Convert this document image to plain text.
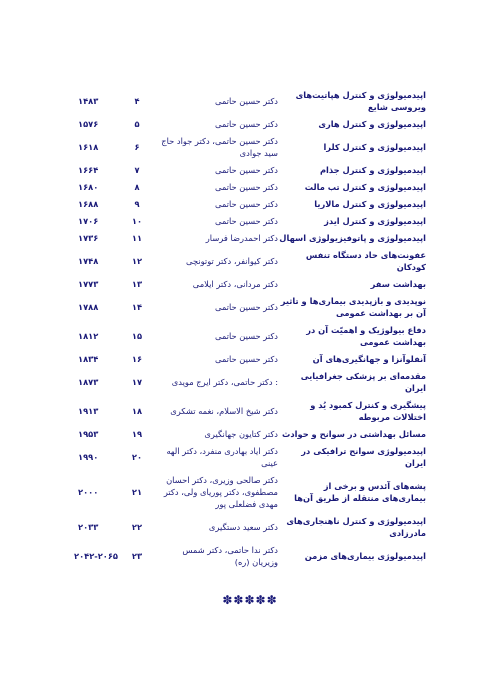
اپیدمیولوژی و کنترل هپاتیت‌های ویروسی شایع
دکتر حسین حاتمی
۴
۱۴۸۳
اپیدمیولوژی و کنترل هاری
دکتر حسین حاتمی
۵
۱۵۷۶
اپیدمیولوژی و کنترل کلرا
دکتر حسین حاتمی، دکتر جواد حاج سید جوادی
۶
۱۶۱۸
اپیدمیولوژی و کنترل جذام
دکتر حسین حاتمی
۷
۱۶۶۴
اپیدمیولوژی و کنترل تب مالت
دکتر حسین حاتمی
۸
۱۶۸۰
اپیدمیولوژی و کنترل مالاریا
دکتر حسین حاتمی
۹
۱۶۸۸
اپیدمیولوژی و کنترل ایدز
دکتر حسین حاتمی
۱۰
۱۷۰۶
اپیدمیولوژی و پاتوفیزیولوژی اسهال
دکتر احمدرضا فرسار
۱۱
۱۷۳۶
عفونت‌های حاد دستگاه تنفس کودکان
دکتر کیوانفر، دکتر توتونچی
۱۲
۱۷۴۸
بهداشت سفر
دکتر مردانی، دکتر ایلامی
۱۳
۱۷۷۳
نوپدیدی و بازپدیدی بیماری‌ها و تاثیر آن بر بهداشت عمومی
دکتر حسین حاتمی
۱۴
۱۷۸۸
دفاع بیولوژیک و اهمیّت آن در بهداشت عمومی
دکتر حسین حاتمی
۱۵
۱۸۱۲
آنفلوآنزا و جهانگیری‌های آن
دکتر حسین حاتمی
۱۶
۱۸۳۴
مقدمه‌ای بر پزشکی جغرافیایی ایران
: دکتر حاتمی، دکتر ایرج مویدی
۱۷
۱۸۷۳
پیشگیری و کنترل کمبود یُد و اختلالات مربوطه
دکتر شیخ الاسلام، نغمه تشکری
۱۸
۱۹۱۳
مسائل بهداشتی در سوانح و حوادث
دکتر کتایون جهانگیری
۱۹
۱۹۵۳
اپیدمیولوژی سوانح ترافیکی در ایران
دکتر ایاد بهادری منفرد، دکتر الهه عینی
۲۰
۱۹۹۰
پشه‌های آئدس و برخی از بیماری‌های منتقله از طریق آن‌ها
دکتر صالحی وزیری، دکتر احسان مصطفوی، دکتر پوریای ولی، دکتر مهدی فضلعلی پور
۲۱
۲۰۰۰
اپیدمیولوژی و کنترل ناهنجاری‌های مادرزادی
دکتر سعید دستگیری
۲۲
۲۰۳۳
اپیدمیولوژی بیماری‌های مزمن
دکتر ندا حاتمی، دکتر شمس وزیریان (ره)
۲۳
۲۰۴۲-۲۰۶۵
✽✽✽✽✽
